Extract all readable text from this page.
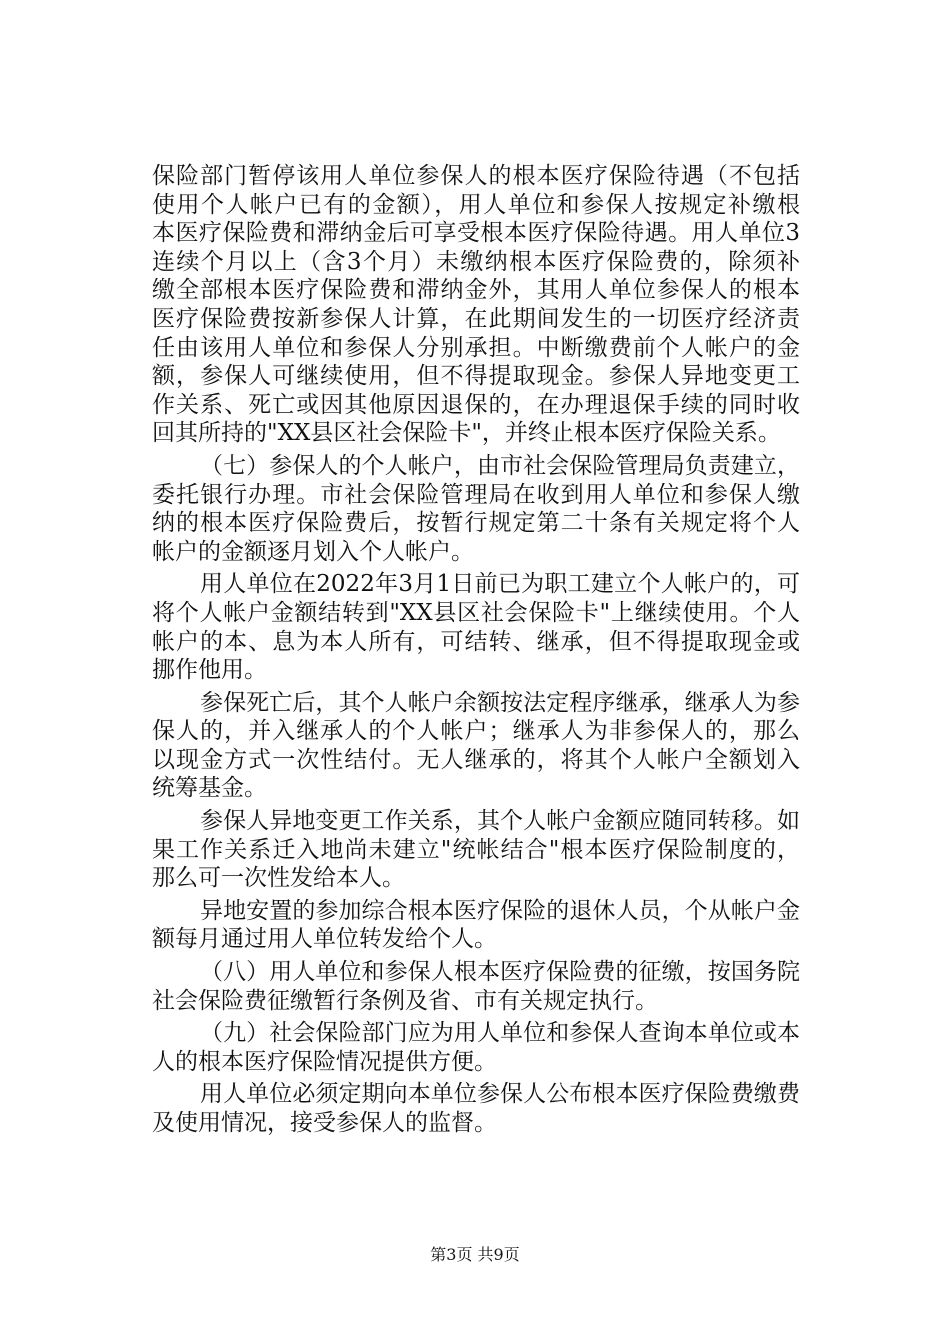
保险部门暂停该用人单位参保人的根本医疗保险待遇（不包括
使用个人帐户已有的金额），用人单位和参保人按规定补缴根
本医疗保险费和滞纳金后可享受根本医疗保险待遇。用人单位3
连续个月以上（含3个月）未缴纳根本医疗保险费的，除须补
缴全部根本医疗保险费和滞纳金外，其用人单位参保人的根本
医疗保险费按新参保人计算，在此期间发生的一切医疗经济责
任由该用人单位和参保人分别承担。中断缴费前个人帐户的金
额，参保人可继续使用，但不得提取现金。参保人异地变更工
作关系、死亡或因其他原因退保的，在办理退保手续的同时收
回其所持的"XX县区社会保险卡"，并终止根本医疗保险关系。
（七）参保人的个人帐户，由市社会保险管理局负责建立，
委托银行办理。市社会保险管理局在收到用人单位和参保人缴
纳的根本医疗保险费后，按暂行规定第二十条有关规定将个人
帐户的金额逐月划入个人帐户。
用人单位在2022年3月1日前已为职工建立个人帐户的，可
将个人帐户金额结转到"XX县区社会保险卡"上继续使用。个人
帐户的本、息为本人所有，可结转、继承，但不得提取现金或
挪作他用。
参保死亡后，其个人帐户余额按法定程序继承，继承人为参
保人的，并入继承人的个人帐户；继承人为非参保人的，那么
以现金方式一次性结付。无人继承的，将其个人帐户全额划入
统筹基金。
参保人异地变更工作关系，其个人帐户金额应随同转移。如
果工作关系迁入地尚未建立"统帐结合"根本医疗保险制度的，
那么可一次性发给本人。
异地安置的参加综合根本医疗保险的退休人员，个从帐户金
额每月通过用人单位转发给个人。
（八）用人单位和参保人根本医疗保险费的征缴，按国务院
社会保险费征缴暂行条例及省、市有关规定执行。
（九）社会保险部门应为用人单位和参保人查询本单位或本
人的根本医疗保险情况提供方便。
用人单位必须定期向本单位参保人公布根本医疗保险费缴费
及使用情况，接受参保人的监督。
第3页 共9页
